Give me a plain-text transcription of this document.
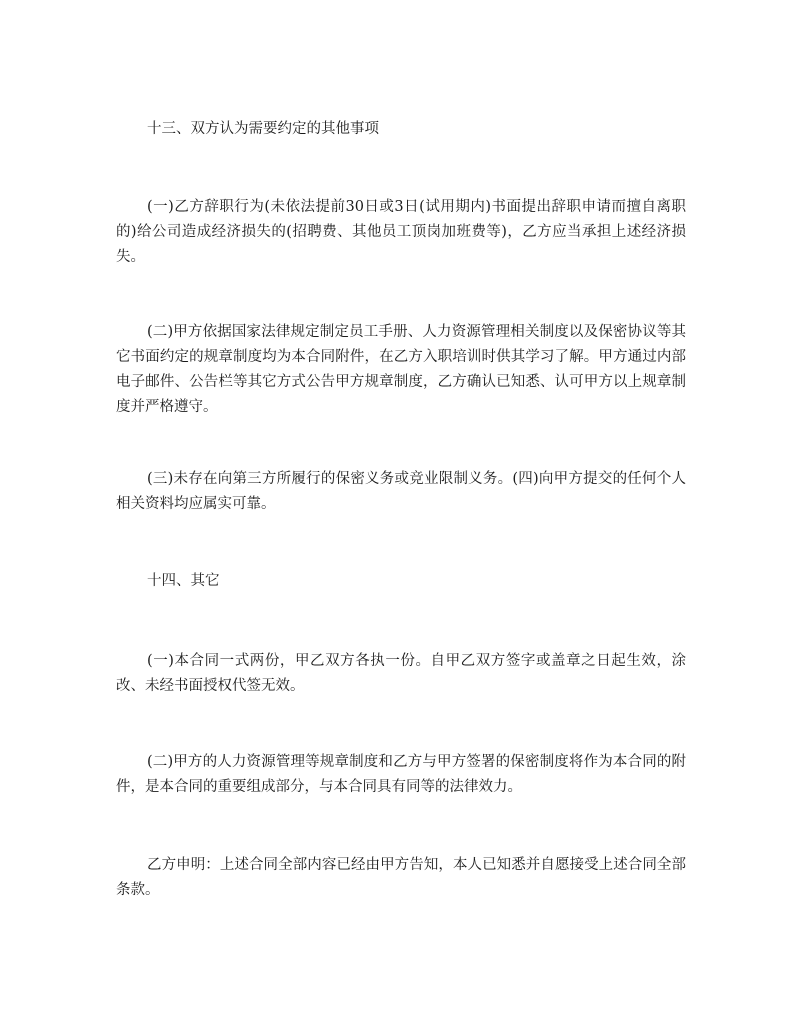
十三、双方认为需要约定的其他事项

(一)乙方辞职行为(未依法提前30日或3日(试用期内)书面提出辞职申请而擅自离职的)给公司造成经济损失的(招聘费、其他员工顶岗加班费等)，乙方应当承担上述经济损失。

(二)甲方依据国家法律规定制定员工手册、人力资源管理相关制度以及保密协议等其它书面约定的规章制度均为本合同附件，在乙方入职培训时供其学习了解。甲方通过内部电子邮件、公告栏等其它方式公告甲方规章制度，乙方确认已知悉、认可甲方以上规章制度并严格遵守。

(三)未存在向第三方所履行的保密义务或竞业限制义务。(四)向甲方提交的任何个人相关资料均应属实可靠。

十四、其它

(一)本合同一式两份，甲乙双方各执一份。自甲乙双方签字或盖章之日起生效，涂改、未经书面授权代签无效。

(二)甲方的人力资源管理等规章制度和乙方与甲方签署的保密制度将作为本合同的附件，是本合同的重要组成部分，与本合同具有同等的法律效力。

乙方申明：上述合同全部内容已经由甲方告知，本人已知悉并自愿接受上述合同全部条款。
